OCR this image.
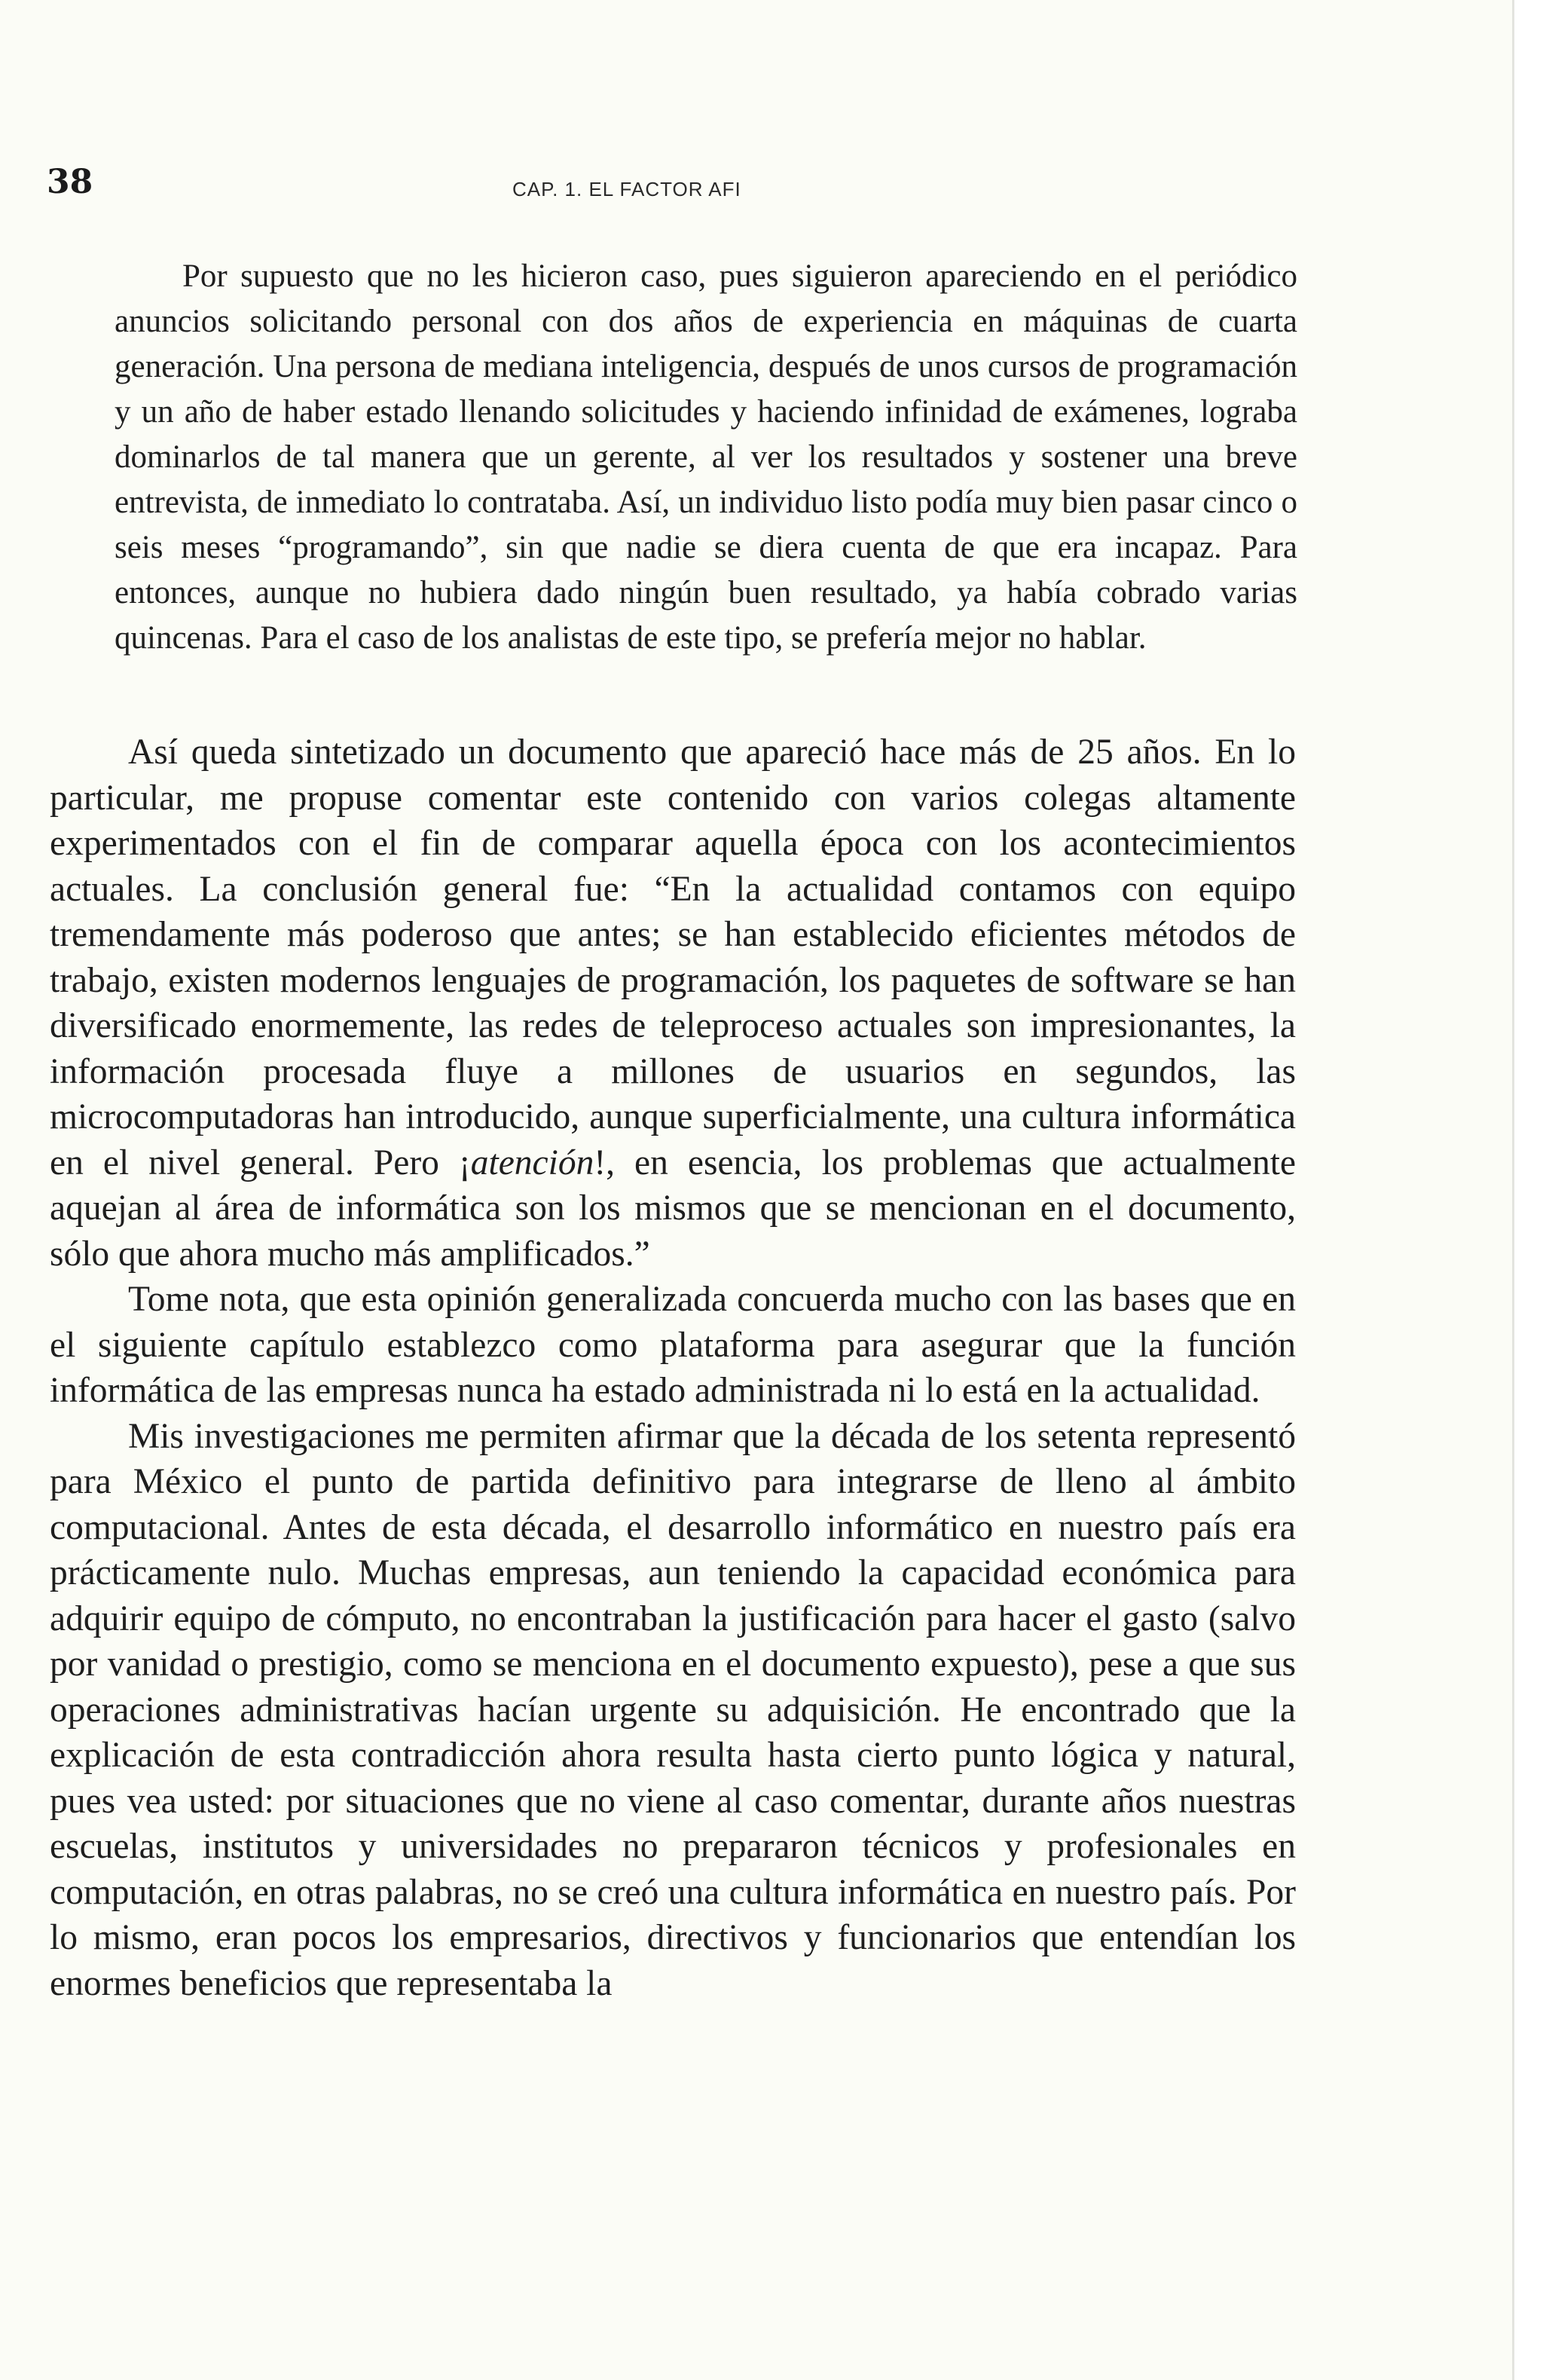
38	CAP. 1. EL FACTOR AFI

Por supuesto que no les hicieron caso, pues siguieron apareciendo en el periódico anuncios solicitando personal con dos años de experiencia en máquinas de cuarta generación. Una persona de mediana inteligencia, después de unos cursos de programación y un año de haber estado llenando solicitudes y haciendo infinidad de exámenes, lograba dominarlos de tal manera que un gerente, al ver los resultados y sostener una breve entrevista, de inmediato lo contrataba. Así, un individuo listo podía muy bien pasar cinco o seis meses “programando”, sin que nadie se diera cuenta de que era incapaz. Para entonces, aunque no hubiera dado ningún buen resultado, ya había cobrado varias quincenas. Para el caso de los analistas de este tipo, se prefería mejor no hablar.

Así queda sintetizado un documento que apareció hace más de 25 años. En lo particular, me propuse comentar este contenido con varios colegas altamente experimentados con el fin de comparar aquella época con los acontecimientos actuales. La conclusión general fue: “En la actualidad contamos con equipo tremendamente más poderoso que antes; se han establecido eficientes métodos de trabajo, existen modernos lenguajes de programación, los paquetes de software se han diversificado enormemente, las redes de teleproceso actuales son impresionantes, la información procesada fluye a millones de usuarios en segundos, las microcomputadoras han introducido, aunque superficialmente, una cultura informática en el nivel general. Pero ¡atención!, en esencia, los problemas que actualmente aquejan al área de informática son los mismos que se mencionan en el documento, sólo que ahora mucho más amplificados.”

Tome nota, que esta opinión generalizada concuerda mucho con las bases que en el siguiente capítulo establezco como plataforma para asegurar que la función informática de las empresas nunca ha estado administrada ni lo está en la actualidad.

Mis investigaciones me permiten afirmar que la década de los setenta representó para México el punto de partida definitivo para integrarse de lleno al ámbito computacional. Antes de esta década, el desarrollo informático en nuestro país era prácticamente nulo. Muchas empresas, aun teniendo la capacidad económica para adquirir equipo de cómputo, no encontraban la justificación para hacer el gasto (salvo por vanidad o prestigio, como se menciona en el documento expuesto), pese a que sus operaciones administrativas hacían urgente su adquisición. He encontrado que la explicación de esta contradicción ahora resulta hasta cierto punto lógica y natural, pues vea usted: por situaciones que no viene al caso comentar, durante años nuestras escuelas, institutos y universidades no prepararon técnicos y profesionales en computación, en otras palabras, no se creó una cultura informática en nuestro país. Por lo mismo, eran pocos los empresarios, directivos y funcionarios que entendían los enormes beneficios que representaba la
